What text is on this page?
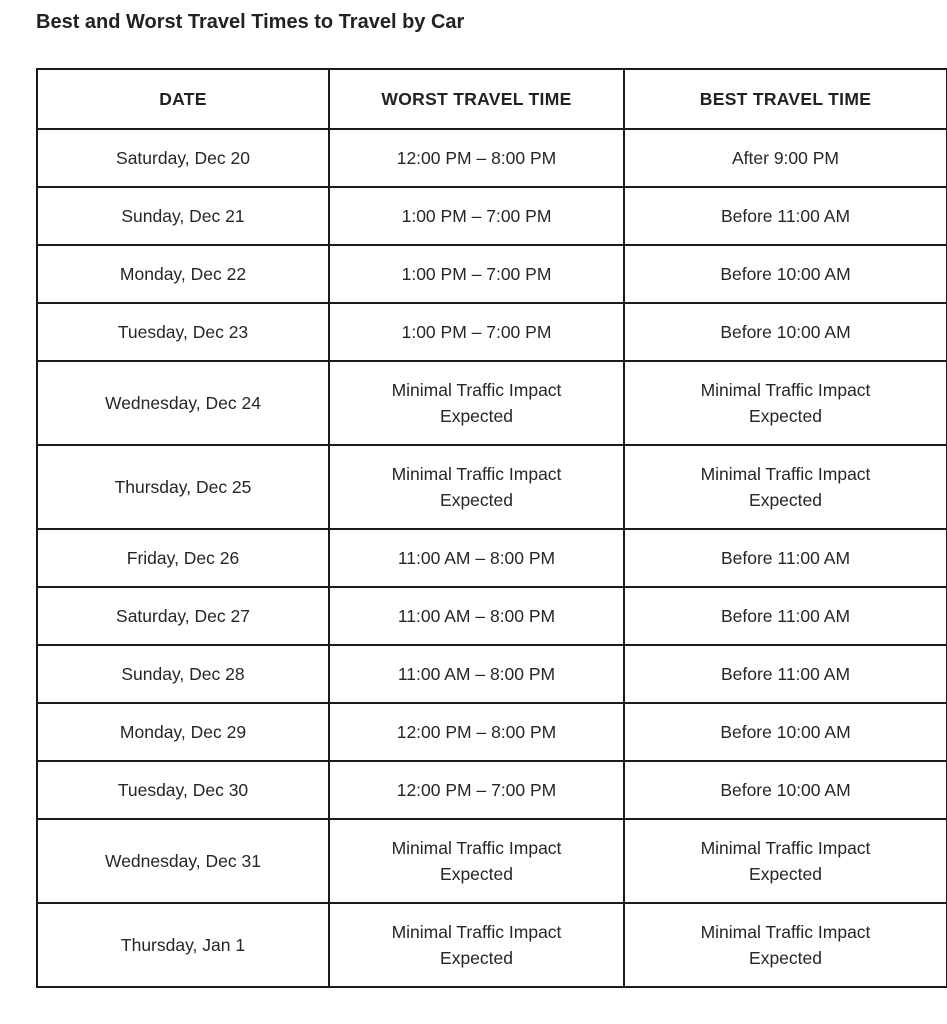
Best and Worst Travel Times to Travel by Car
DATE	WORST TRAVEL TIME	BEST TRAVEL TIME
Saturday, Dec 20	12:00 PM – 8:00 PM	After 9:00 PM
Sunday, Dec 21	1:00 PM – 7:00 PM	Before 11:00 AM
Monday, Dec 22	1:00 PM – 7:00 PM	Before 10:00 AM
Tuesday, Dec 23	1:00 PM – 7:00 PM	Before 10:00 AM
Wednesday, Dec 24	Minimal Traffic Impact Expected	Minimal Traffic Impact Expected
Thursday, Dec 25	Minimal Traffic Impact Expected	Minimal Traffic Impact Expected
Friday, Dec 26	11:00 AM – 8:00 PM	Before 11:00 AM
Saturday, Dec 27	11:00 AM – 8:00 PM	Before 11:00 AM
Sunday, Dec 28	11:00 AM – 8:00 PM	Before 11:00 AM
Monday, Dec 29	12:00 PM – 8:00 PM	Before 10:00 AM
Tuesday, Dec 30	12:00 PM – 7:00 PM	Before 10:00 AM
Wednesday, Dec 31	Minimal Traffic Impact Expected	Minimal Traffic Impact Expected
Thursday, Jan 1	Minimal Traffic Impact Expected	Minimal Traffic Impact Expected
